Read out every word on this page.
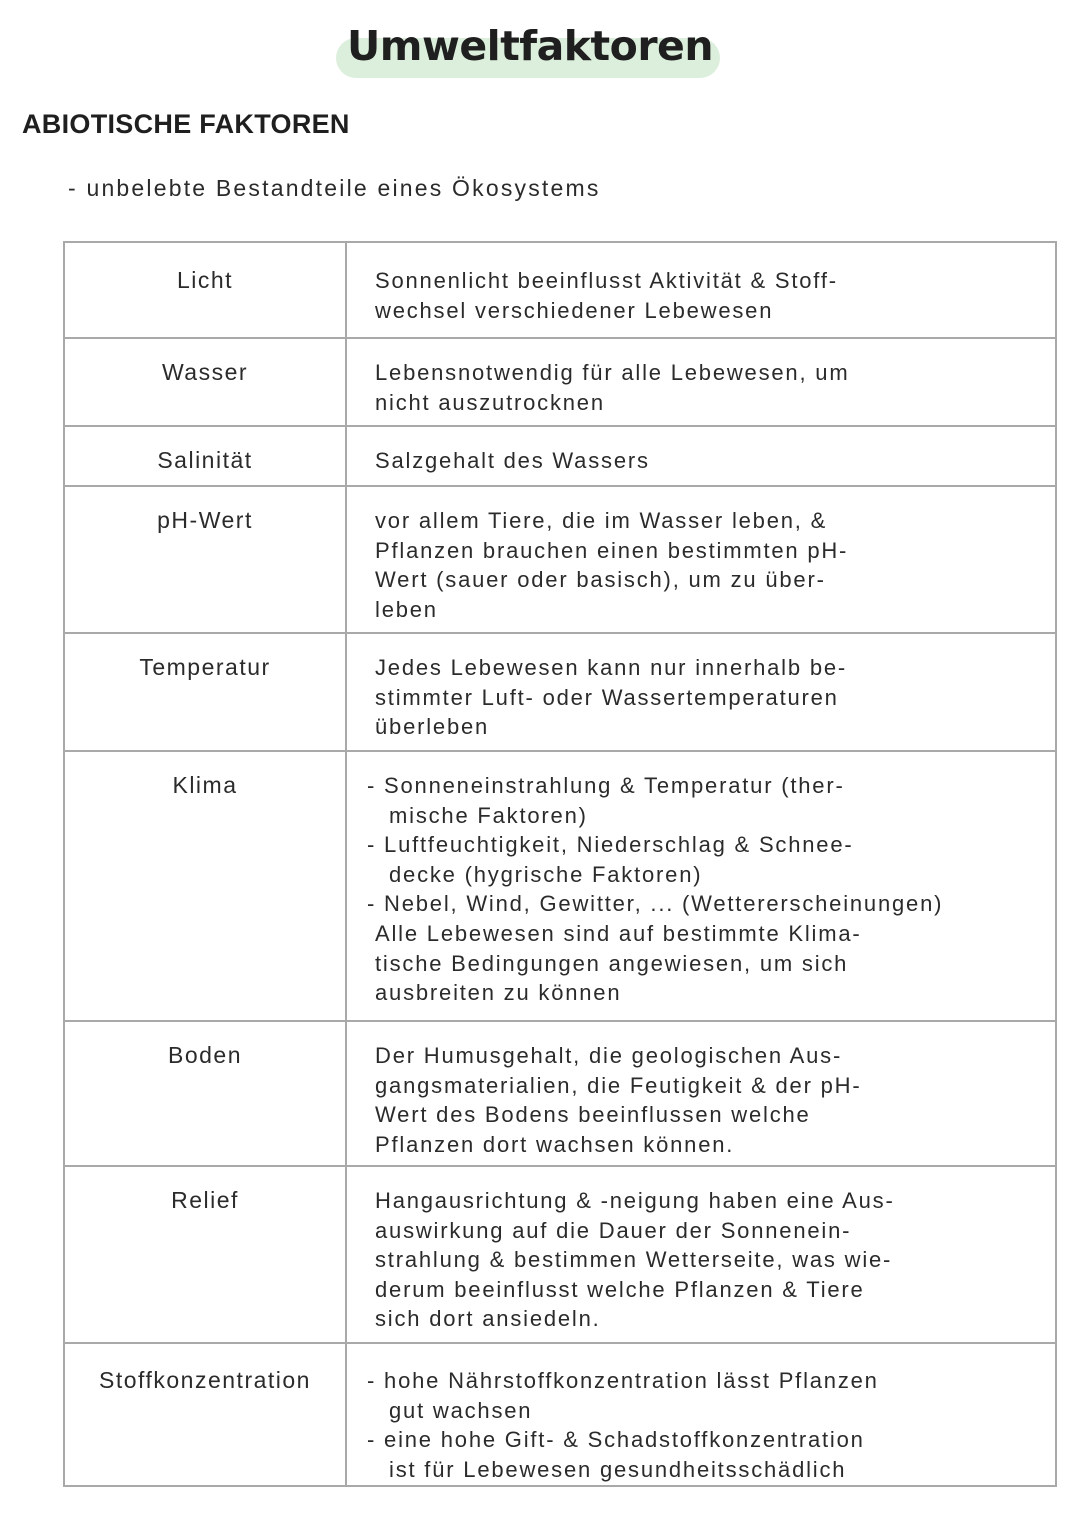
Umweltfaktoren
ABIOTISCHE FAKTOREN
- unbelebte Bestandteile eines Ökosystems
Licht	Sonnenlicht beeinflusst Aktivität & Stoff-
wechsel verschiedener Lebewesen
Wasser	Lebensnotwendig für alle Lebewesen, um
nicht auszutrocknen
Salinität	Salzgehalt des Wassers
pH-Wert	vor allem Tiere, die im Wasser leben, &
Pflanzen brauchen einen bestimmten pH-
Wert (sauer oder basisch), um zu über-
leben
Temperatur	Jedes Lebewesen kann nur innerhalb be-
stimmter Luft- oder Wassertemperaturen
überleben
Klima	- Sonneneinstrahlung & Temperatur (ther-
mische Faktoren)
- Luftfeuchtigkeit, Niederschlag & Schnee-
decke (hygrische Faktoren)
- Nebel, Wind, Gewitter, ... (Wettererscheinungen)
Alle Lebewesen sind auf bestimmte Klima-
tische Bedingungen angewiesen, um sich
ausbreiten zu können
Boden	Der Humusgehalt, die geologischen Aus-
gangsmaterialien, die Feutigkeit & der pH-
Wert des Bodens beeinflussen welche
Pflanzen dort wachsen können.
Relief	Hangausrichtung & -neigung haben eine Aus-
auswirkung auf die Dauer der Sonnenein-
strahlung & bestimmen Wetterseite, was wie-
derum beeinflusst welche Pflanzen & Tiere
sich dort ansiedeln.
Stoffkonzentration	- hohe Nährstoffkonzentration lässt Pflanzen
gut wachsen
- eine hohe Gift- & Schadstoffkonzentration
ist für Lebewesen gesundheitsschädlich
